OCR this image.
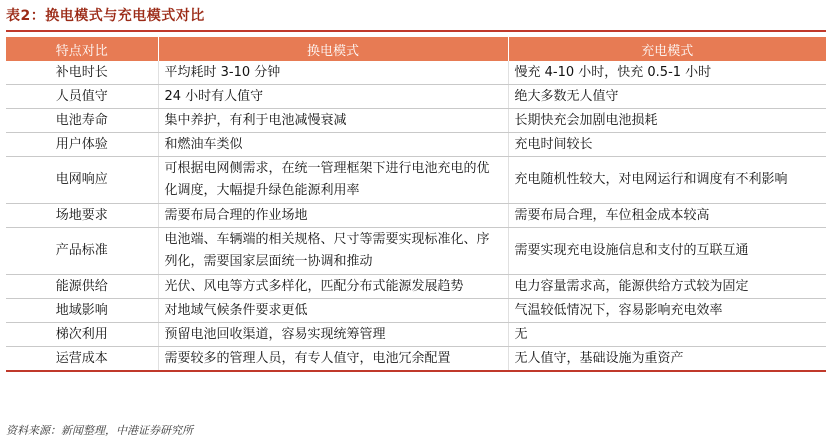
表2：换电模式与充电模式对比
特点对比	换电模式	充电模式
补电时长	平均耗时 3-10 分钟	慢充 4-10 小时，快充 0.5-1 小时
人员值守	24 小时有人值守	绝大多数无人值守
电池寿命	集中养护，有利于电池减慢衰减	长期快充会加剧电池损耗
用户体验	和燃油车类似	充电时间较长
电网响应	可根据电网侧需求，在统一管理框架下进行电池充电的优化调度，大幅提升绿色能源利用率	充电随机性较大，对电网运行和调度有不利影响
场地要求	需要布局合理的作业场地	需要布局合理，车位租金成本较高
产品标准	电池端、车辆端的相关规格、尺寸等需要实现标准化、序列化，需要国家层面统一协调和推动	需要实现充电设施信息和支付的互联互通
能源供给	光伏、风电等方式多样化，匹配分布式能源发展趋势	电力容量需求高，能源供给方式较为固定
地域影响	对地域气候条件要求更低	气温较低情况下，容易影响充电效率
梯次利用	预留电池回收渠道，容易实现统筹管理	无
运营成本	需要较多的管理人员，有专人值守，电池冗余配置	无人值守，基础设施为重资产
资料来源：新闻整理，中港证券研究所
